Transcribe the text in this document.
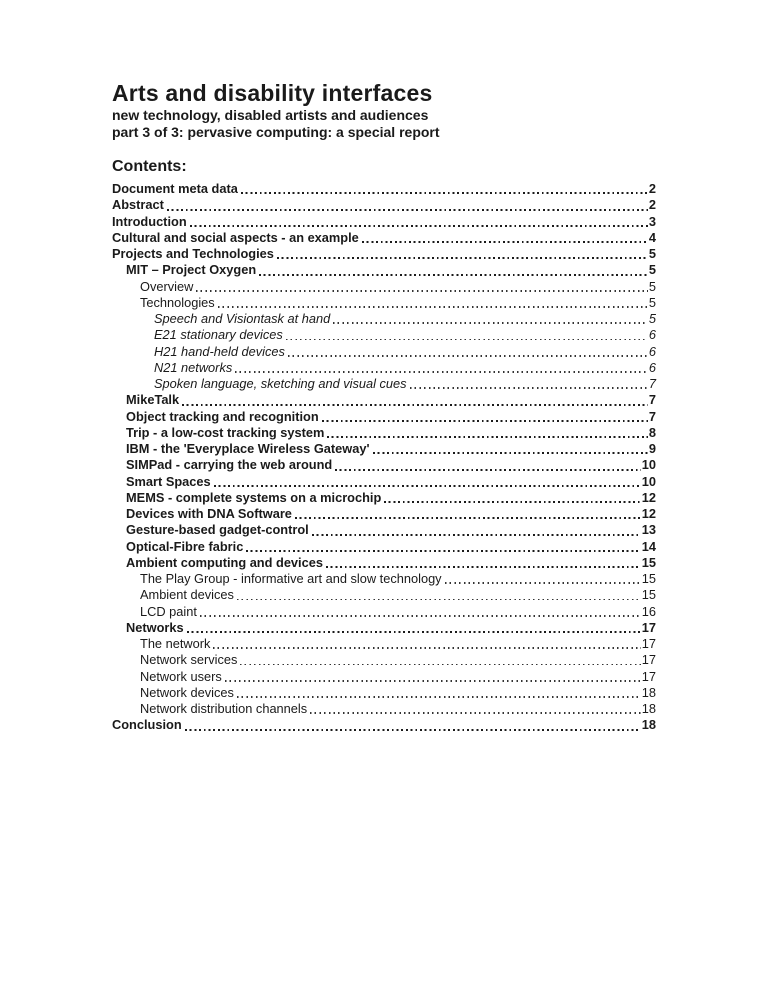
Arts and disability interfaces

new technology, disabled artists and audiences
part 3 of 3: pervasive computing: a special report

Contents:
Document meta data	2
Abstract	2
Introduction	3
Cultural and social aspects - an example	4
Projects and Technologies	5
MIT – Project Oxygen	5
Overview	5
Technologies	5
Speech and Visiontask at hand	5
E21 stationary devices	6
H21 hand-held devices	6
N21 networks	6
Spoken language, sketching and visual cues	7
MikeTalk	7
Object tracking and recognition	7
Trip - a low-cost tracking system	8
IBM - the 'Everyplace Wireless Gateway'	9
SIMPad - carrying the web around	10
Smart Spaces	10
MEMS - complete systems on a microchip	12
Devices with DNA Software	12
Gesture-based gadget-control	13
Optical-Fibre fabric	14
Ambient computing and devices	15
The Play Group - informative art and slow technology	15
Ambient devices	15
LCD paint	16
Networks	17
The network	17
Network services	17
Network users	17
Network devices	18
Network distribution channels	18
Conclusion	18
